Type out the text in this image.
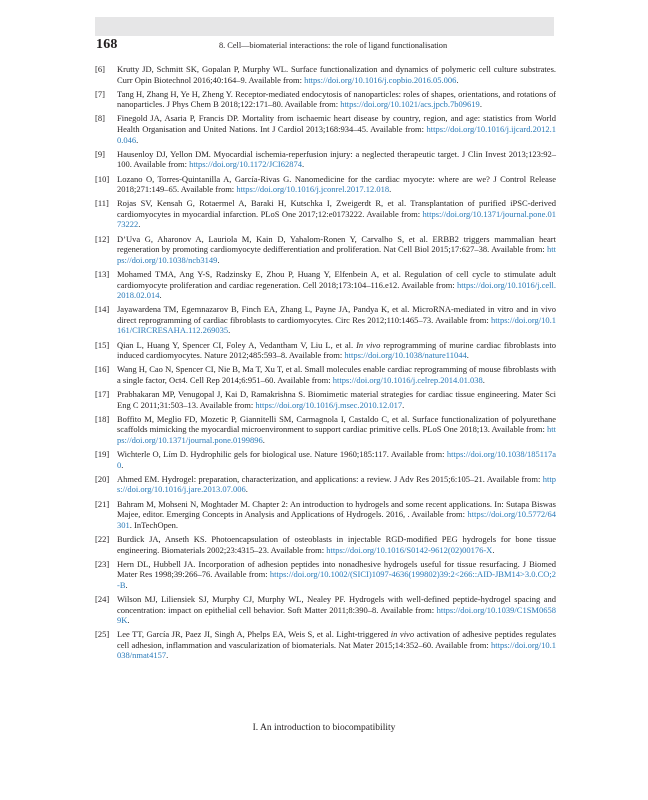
168	8. Cell—biomaterial interactions: the role of ligand functionalisation
[6] Krutty JD, Schmitt SK, Gopalan P, Murphy WL. Surface functionalization and dynamics of polymeric cell culture substrates. Curr Opin Biotechnol 2016;40:164–9. Available from: https://doi.org/10.1016/j.copbio.2016.05.006.
[7] Tang H, Zhang H, Ye H, Zheng Y. Receptor-mediated endocytosis of nanoparticles: roles of shapes, orientations, and rotations of nanoparticles. J Phys Chem B 2018;122:171–80. Available from: https://doi.org/10.1021/acs.jpcb.7b09619.
[8] Finegold JA, Asaria P, Francis DP. Mortality from ischaemic heart disease by country, region, and age: statistics from World Health Organisation and United Nations. Int J Cardiol 2013;168:934–45. Available from: https://doi.org/10.1016/j.ijcard.2012.10.046.
[9] Hausenloy DJ, Yellon DM. Myocardial ischemia-reperfusion injury: a neglected therapeutic target. J Clin Invest 2013;123:92–100. Available from: https://doi.org/10.1172/JCI62874.
[10] Lozano O, Torres-Quintanilla A, García-Rivas G. Nanomedicine for the cardiac myocyte: where are we? J Control Release 2018;271:149–65. Available from: https://doi.org/10.1016/j.jconrel.2017.12.018.
[11] Rojas SV, Kensah G, Rotaermel A, Baraki H, Kutschka I, Zweigerdt R, et al. Transplantation of purified iPSC-derived cardiomyocytes in myocardial infarction. PLoS One 2017;12:e0173222. Available from: https://doi.org/10.1371/journal.pone.0173222.
[12] D’Uva G, Aharonov A, Lauriola M, Kain D, Yahalom-Ronen Y, Carvalho S, et al. ERBB2 triggers mammalian heart regeneration by promoting cardiomyocyte dedifferentiation and proliferation. Nat Cell Biol 2015;17:627–38. Available from: https://doi.org/10.1038/ncb3149.
[13] Mohamed TMA, Ang Y-S, Radzinsky E, Zhou P, Huang Y, Elfenbein A, et al. Regulation of cell cycle to stimulate adult cardiomyocyte proliferation and cardiac regeneration. Cell 2018;173:104–116.e12. Available from: https://doi.org/10.1016/j.cell.2018.02.014.
[14] Jayawardena TM, Egemnazarov B, Finch EA, Zhang L, Payne JA, Pandya K, et al. MicroRNA-mediated in vitro and in vivo direct reprogramming of cardiac fibroblasts to cardiomyocytes. Circ Res 2012;110:1465–73. Available from: https://doi.org/10.1161/CIRCRESAHA.112.269035.
[15] Qian L, Huang Y, Spencer CI, Foley A, Vedantham V, Liu L, et al. In vivo reprogramming of murine cardiac fibroblasts into induced cardiomyocytes. Nature 2012;485:593–8. Available from: https://doi.org/10.1038/nature11044.
[16] Wang H, Cao N, Spencer CI, Nie B, Ma T, Xu T, et al. Small molecules enable cardiac reprogramming of mouse fibroblasts with a single factor, Oct4. Cell Rep 2014;6:951–60. Available from: https://doi.org/10.1016/j.celrep.2014.01.038.
[17] Prabhakaran MP, Venugopal J, Kai D, Ramakrishna S. Biomimetic material strategies for cardiac tissue engineering. Mater Sci Eng C 2011;31:503–13. Available from: https://doi.org/10.1016/j.msec.2010.12.017.
[18] Boffito M, Meglio FD, Mozetic P, Giannitelli SM, Carmagnola I, Castaldo C, et al. Surface functionalization of polyurethane scaffolds mimicking the myocardial microenvironment to support cardiac primitive cells. PLoS One 2018;13. Available from: https://doi.org/10.1371/journal.pone.0199896.
[19] Wichterle O, Lím D. Hydrophilic gels for biological use. Nature 1960;185:117. Available from: https://doi.org/10.1038/185117a0.
[20] Ahmed EM. Hydrogel: preparation, characterization, and applications: a review. J Adv Res 2015;6:105–21. Available from: https://doi.org/10.1016/j.jare.2013.07.006.
[21] Bahram M, Mohseni N, Moghtader M. Chapter 2: An introduction to hydrogels and some recent applications. In: Sutapa Biswas Majee, editor. Emerging Concepts in Analysis and Applications of Hydrogels. 2016, . Available from: https://doi.org/10.5772/64301. InTechOpen.
[22] Burdick JA, Anseth KS. Photoencapsulation of osteoblasts in injectable RGD-modified PEG hydrogels for bone tissue engineering. Biomaterials 2002;23:4315–23. Available from: https://doi.org/10.1016/S0142-9612(02)00176-X.
[23] Hern DL, Hubbell JA. Incorporation of adhesion peptides into nonadhesive hydrogels useful for tissue resurfacing. J Biomed Mater Res 1998;39:266–76. Available from: https://doi.org/10.1002/(SICI)1097-4636(199802)39:2<266::AID-JBM14>3.0.CO;2-B.
[24] Wilson MJ, Liliensiek SJ, Murphy CJ, Murphy WL, Nealey PF. Hydrogels with well-defined peptide-hydrogel spacing and concentration: impact on epithelial cell behavior. Soft Matter 2011;8:390–8. Available from: https://doi.org/10.1039/C1SM06589K.
[25] Lee TT, García JR, Paez JI, Singh A, Phelps EA, Weis S, et al. Light-triggered in vivo activation of adhesive peptides regulates cell adhesion, inflammation and vascularization of biomaterials. Nat Mater 2015;14:352–60. Available from: https://doi.org/10.1038/nmat4157.
I. An introduction to biocompatibility
